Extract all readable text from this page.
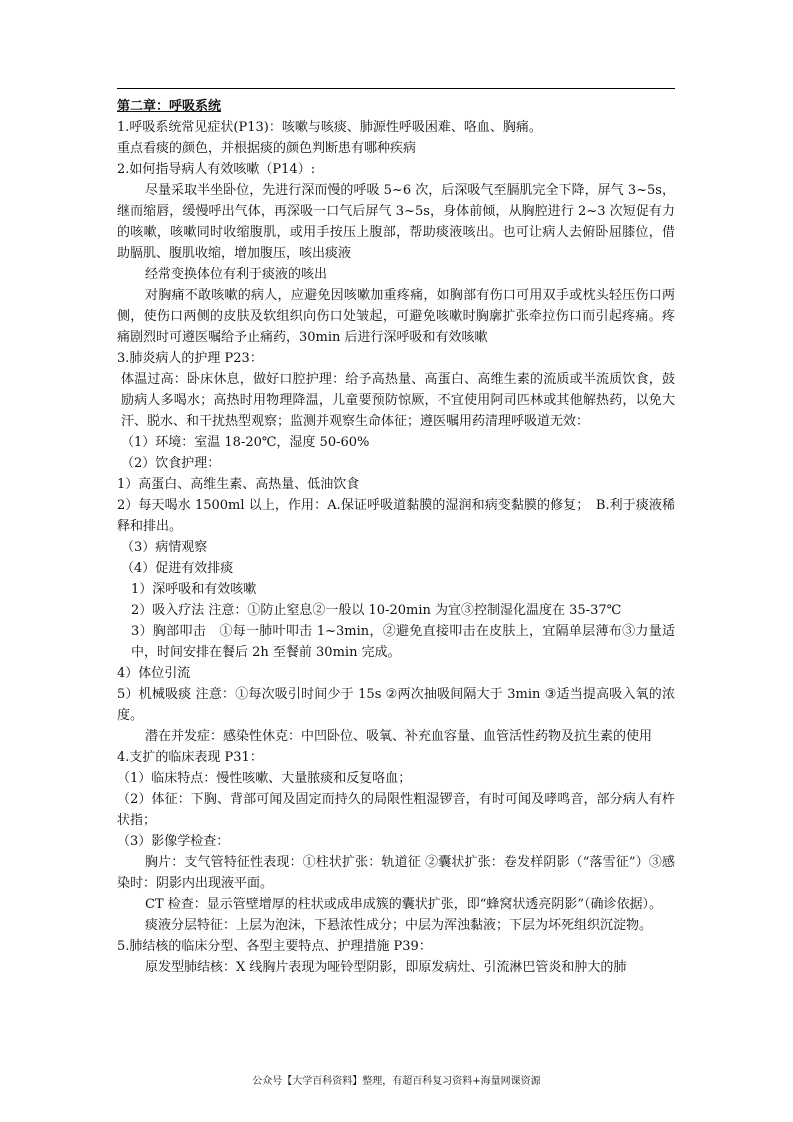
第二章：呼吸系统

1.呼吸系统常见症状(P13)：咳嗽与咳痰、肺源性呼吸困难、咯血、胸痛。

重点看痰的颜色，并根据痰的颜色判断患有哪种疾病

2.如何指导病人有效咳嗽（P14）:

尽量采取半坐卧位，先进行深而慢的呼吸 5~6 次，后深吸气至膈肌完全下降，屏气 3~5s，继而缩唇，缓慢呼出气体，再深吸一口气后屏气 3~5s，身体前倾，从胸腔进行 2~3 次短促有力的咳嗽，咳嗽同时收缩腹肌，或用手按压上腹部，帮助痰液咳出。也可让病人去俯卧屈膝位，借助膈肌、腹肌收缩，增加腹压，咳出痰液

经常变换体位有利于痰液的咳出

对胸痛不敢咳嗽的病人，应避免因咳嗽加重疼痛，如胸部有伤口可用双手或枕头轻压伤口两侧，使伤口两侧的皮肤及软组织向伤口处皱起，可避免咳嗽时胸廓扩张牵拉伤口而引起疼痛。疼痛剧烈时可遵医嘱给予止痛药，30min 后进行深呼吸和有效咳嗽

3.肺炎病人的护理 P23：

体温过高：卧床休息，做好口腔护理：给予高热量、高蛋白、高维生素的流质或半流质饮食，鼓励病人多喝水；高热时用物理降温，儿童要预防惊厥，不宜使用阿司匹林或其他解热药，以免大汗、脱水、和干扰热型观察；监测并观察生命体征；遵医嘱用药清理呼吸道无效：

（1）环境：室温 18-20℃，湿度 50-60%

（2）饮食护理：

1）高蛋白、高维生素、高热量、低油饮食

2）每天喝水 1500ml 以上，作用：A.保证呼吸道黏膜的湿润和病变黏膜的修复；　B.利于痰液稀释和排出。

（3）病情观察

（4）促进有效排痰

1）深呼吸和有效咳嗽

2）吸入疗法 注意：①防止窒息②一般以 10-20min 为宜③控制湿化温度在 35-37℃

3）胸部叩击　①每一肺叶叩击 1~3min，②避免直接叩击在皮肤上，宜隔单层薄布③力量适中，时间安排在餐后 2h 至餐前 30min 完成。

4）体位引流

5）机械吸痰 注意：①每次吸引时间少于 15s ②两次抽吸间隔大于 3min ③适当提高吸入氧的浓度。

潜在并发症：感染性休克：中凹卧位、吸氧、补充血容量、血管活性药物及抗生素的使用

4.支扩的临床表现 P31：

（1）临床特点：慢性咳嗽、大量脓痰和反复咯血；

（2）体征：下胸、背部可闻及固定而持久的局限性粗湿锣音，有时可闻及哮鸣音，部分病人有杵状指；

（3）影像学检查：

胸片：支气管特征性表现：①柱状扩张：轨道征 ②囊状扩张：卷发样阴影（“落雪征”）③感染时：阴影内出现液平面。

CT 检查：显示管壁增厚的柱状或成串成簇的囊状扩张，即“蜂窝状透亮阴影”（确诊依据）。

痰液分层特征：上层为泡沫，下悬浓性成分；中层为浑浊黏液；下层为坏死组织沉淀物。

5.肺结核的临床分型、各型主要特点、护理措施 P39：

原发型肺结核：X 线胸片表现为哑铃型阴影，即原发病灶、引流淋巴管炎和肿大的肺

公众号【大学百科资料】整理，有超百科复习资料+海量网课资源
